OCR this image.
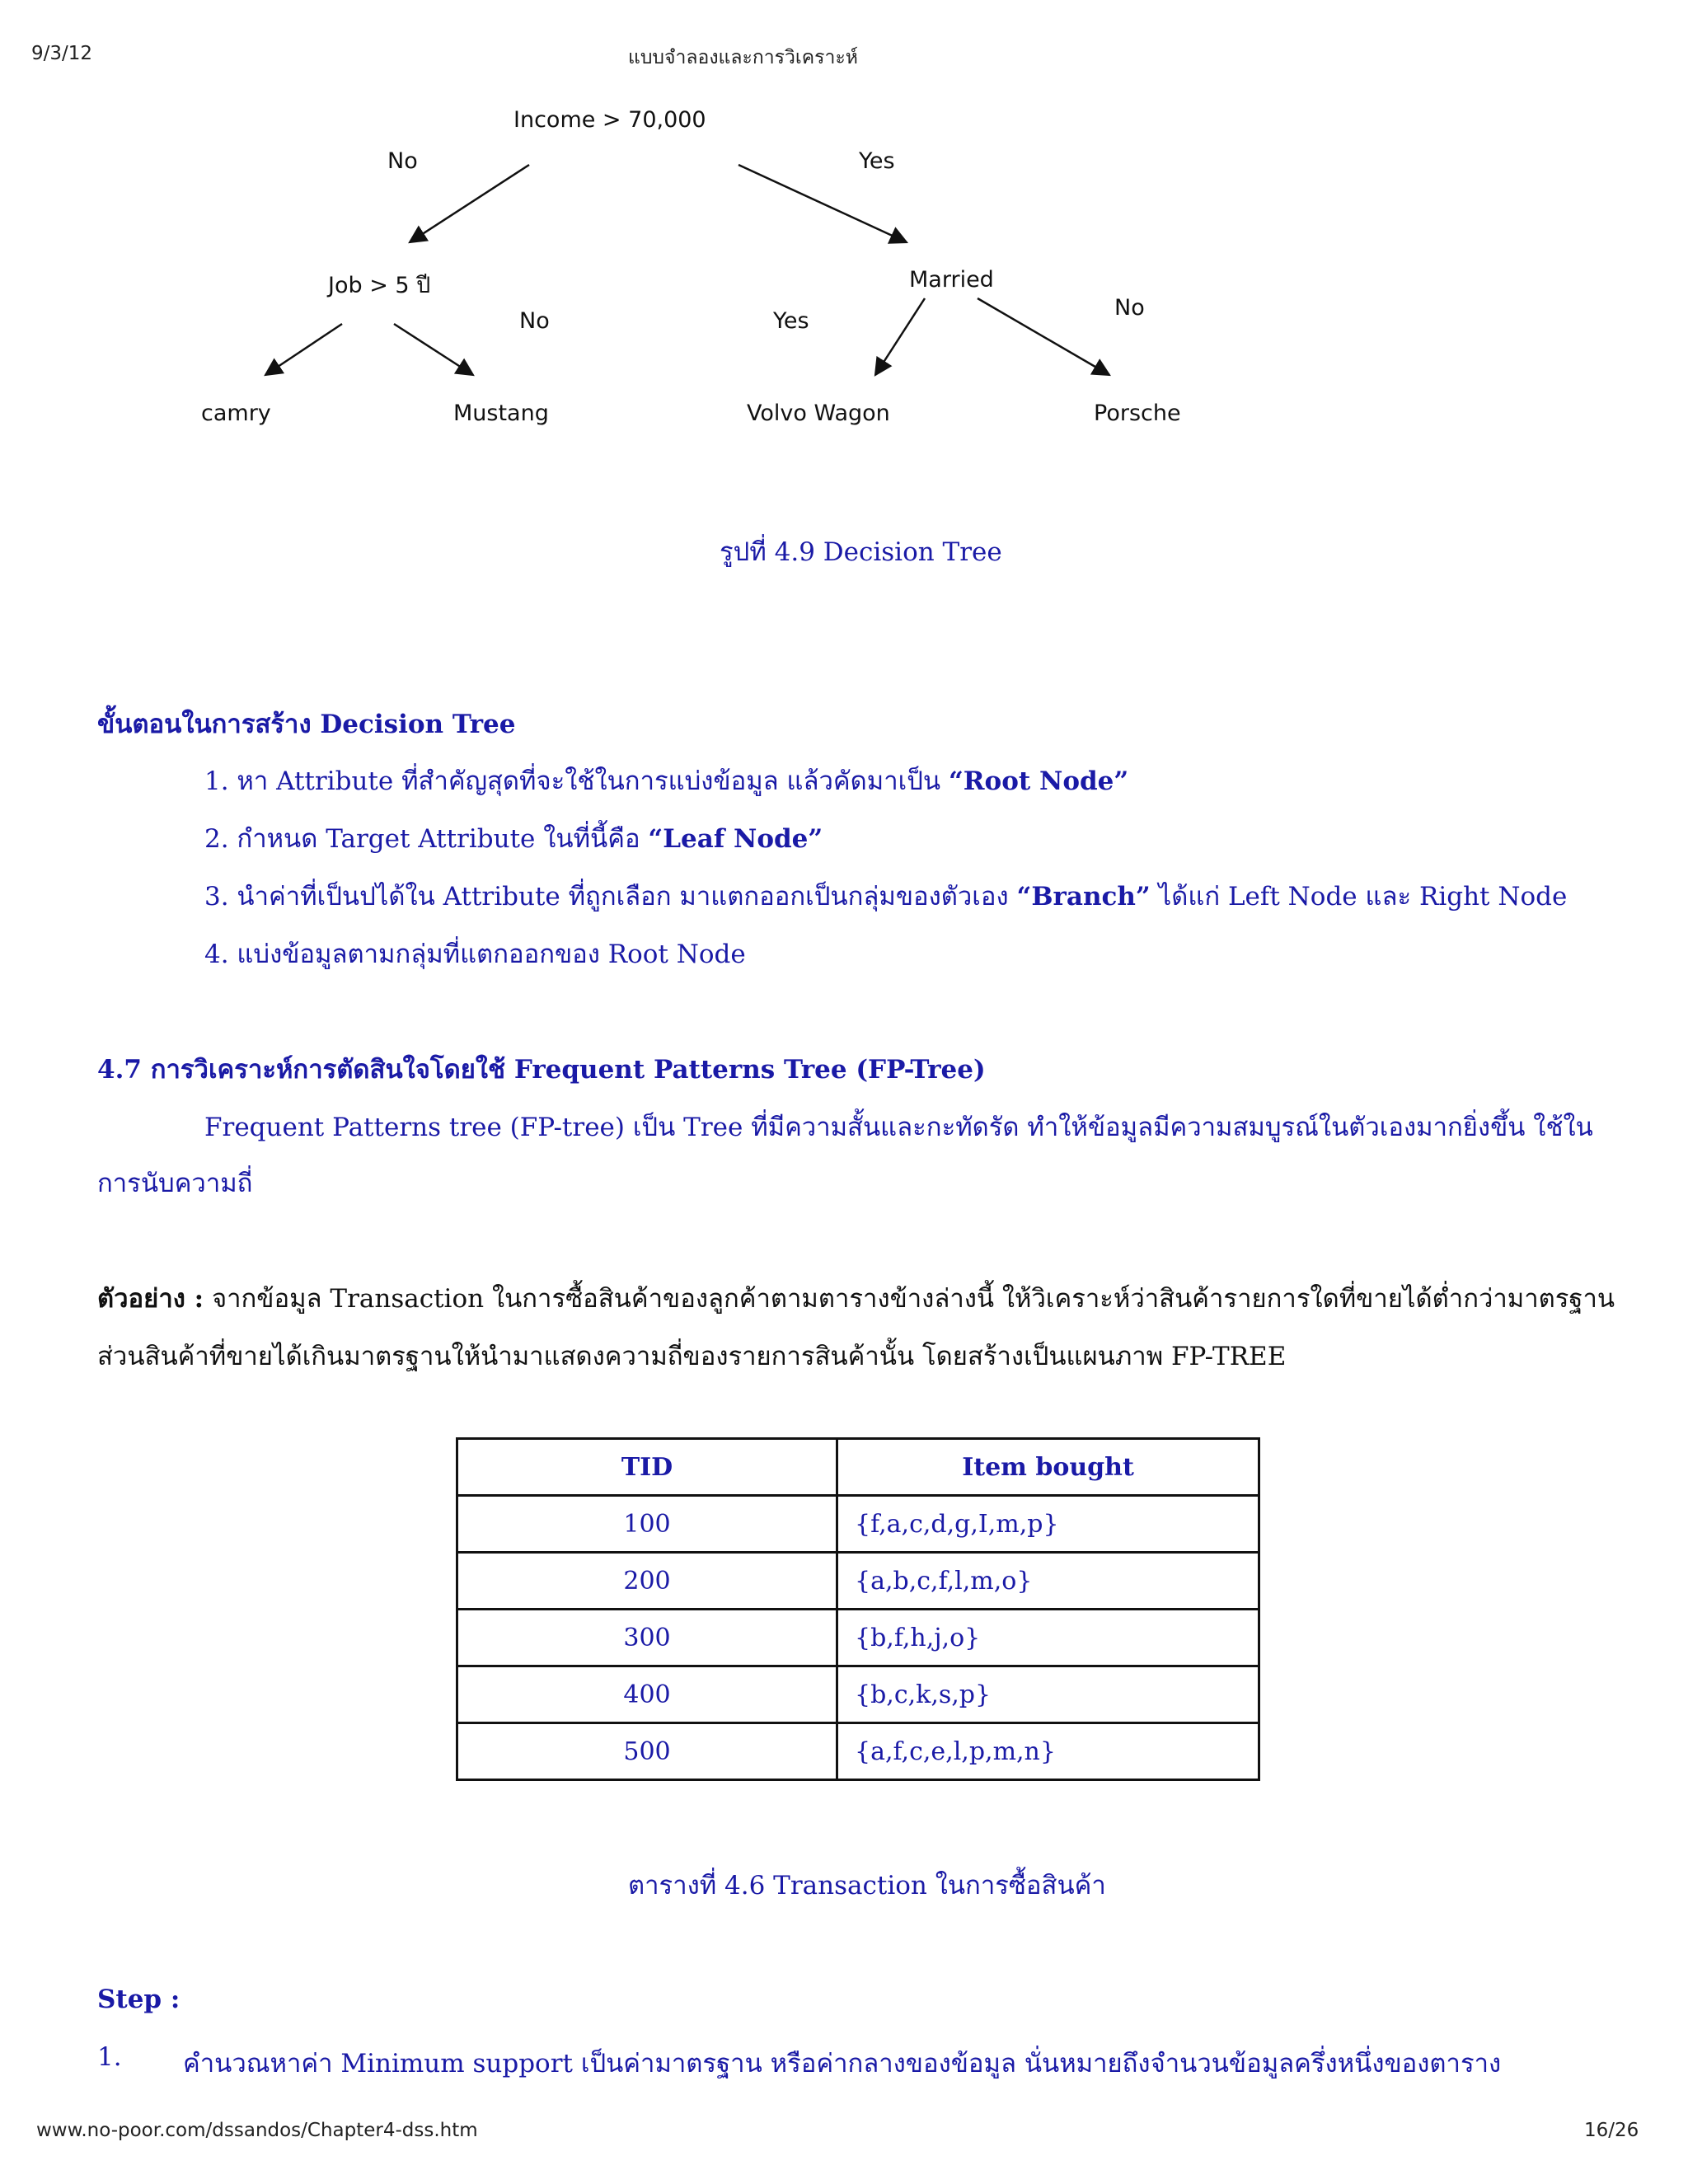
9/3/12	แบบจำลองและการวิเคราะห์
Income > 70,000
No	Yes
Job > 5 ปี
No
Married
Yes
No
camry	Mustang	Volvo Wagon	Porsche
รูปที่ 4.9 Decision Tree
ขั้นตอนในการสร้าง Decision Tree
1. หา Attribute ที่สำคัญสุดที่จะใช้ในการแบ่งข้อมูล แล้วคัดมาเป็น “Root Node”
2. กำหนด Target Attribute ในที่นี้คือ “Leaf Node”
3. นำค่าที่เป็นปได้ใน Attribute ที่ถูกเลือก มาแตกออกเป็นกลุ่มของตัวเอง “Branch” ได้แก่ Left Node และ Right Node
4. แบ่งข้อมูลตามกลุ่มที่แตกออกของ Root Node
4.7 การวิเคราะห์การตัดสินใจโดยใช้ Frequent Patterns Tree (FP-Tree)
Frequent Patterns tree (FP-tree) เป็น Tree ที่มีความสั้นและกะทัดรัด ทำให้ข้อมูลมีความสมบูรณ์ในตัวเองมากยิ่งขึ้น ใช้ใน
การนับความถี่
ตัวอย่าง : จากข้อมูล Transaction ในการซื้อสินค้าของลูกค้าตามตารางข้างล่างนี้ ให้วิเคราะห์ว่าสินค้ารายการใดที่ขายได้ต่ำกว่ามาตรฐาน
ส่วนสินค้าที่ขายได้เกินมาตรฐานให้นำมาแสดงความถี่ของรายการสินค้านั้น โดยสร้างเป็นแผนภาพ FP-TREE
TID	Item bought
100	{f,a,c,d,g,I,m,p}
200	{a,b,c,f,l,m,o}
300	{b,f,h,j,o}
400	{b,c,k,s,p}
500	{a,f,c,e,l,p,m,n}
ตารางที่ 4.6 Transaction ในการซื้อสินค้า
Step :
1. คำนวณหาค่า Minimum support เป็นค่ามาตรฐาน หรือค่ากลางของข้อมูล นั่นหมายถึงจำนวนข้อมูลครึ่งหนึ่งของตาราง
www.no-poor.com/dssandos/Chapter4-dss.htm	16/26
